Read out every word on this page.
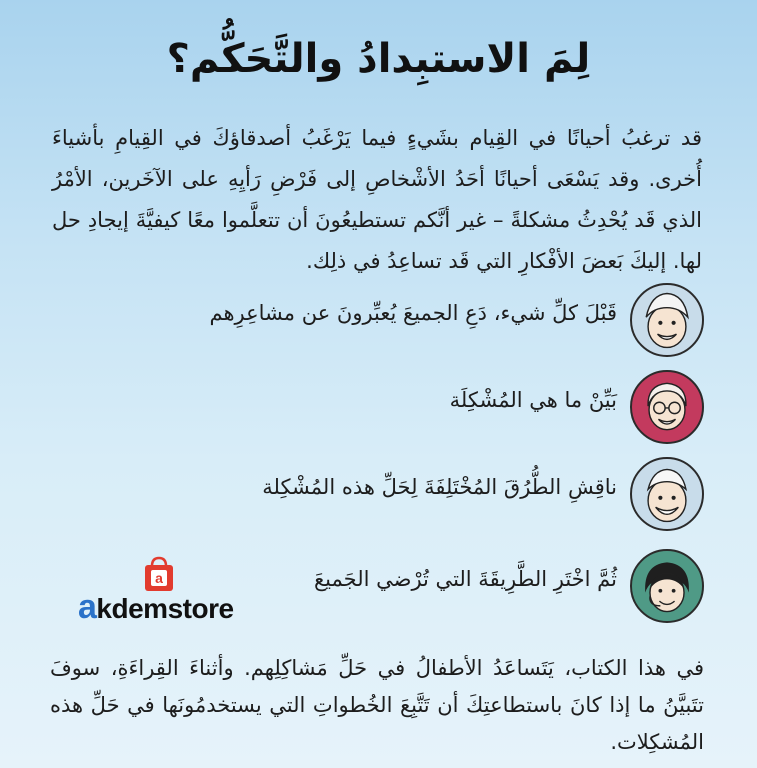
لِمَ الاستبِدادُ والتَّحَكُّم؟

قد ترغبُ أحيانًا في القِيام بشَيءٍ فيما يَرْغَبُ أصدقاؤكَ في القِيامِ بأشياءَ أُخرى. وقد يَسْعَى أحيانًا أحَدُ الأشْخاصِ إلى فَرْضِ رَأيِهِ على الآخَرين، الأمْرُ الذي قَد يُحْدِثُ مشكلةً – غير أنَّكم تستطيعُونَ أن تتعلَّموا معًا كيفيَّةَ إيجادِ حل لها. إليكَ بَعضَ الأفْكارِ التي قَد تساعِدُ في ذلِك.

قَبْلَ كلِّ شيء، دَعِ الجميعَ يُعبِّرونَ عن مشاعِرِهم
بَيِّنْ ما هي المُشْكِلَة
ناقِشِ الطُّرُقَ المُخْتَلِفَةَ لِحَلِّ هذه المُشْكِلة
ثُمَّ اخْتَرِ الطَّرِيقَةَ التي تُرْضي الجَميعَ
a
akdemstore

في هذا الكتاب، يَتَساعَدُ الأطفالُ في حَلِّ مَشاكِلِهم. وأثناءَ القِراءَةِ، سوفَ تتَبيَّنُ ما إذا كانَ باستطاعتِكَ أن تَتَّبِعَ الخُطواتِ التي يستخدمُونَها في حَلِّ هذه المُشكِلات.
